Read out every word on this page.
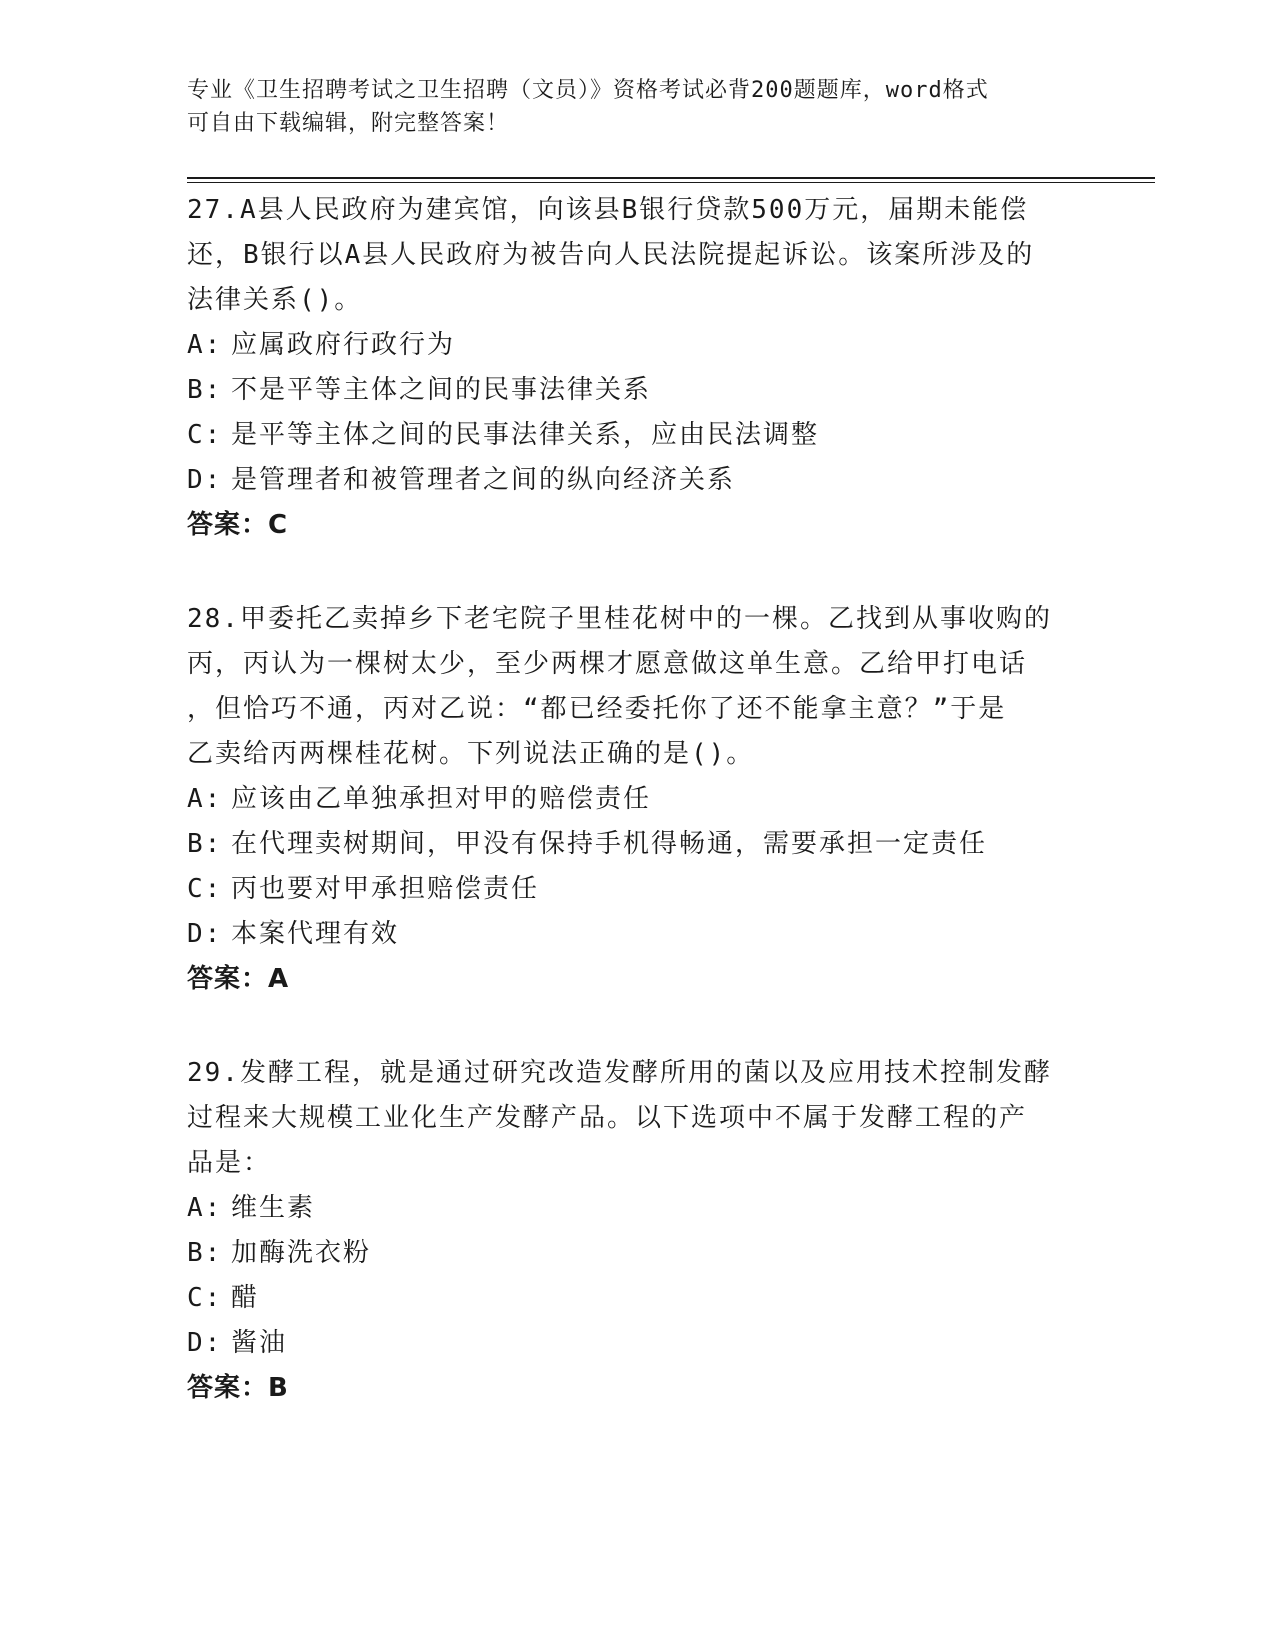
专业《卫生招聘考试之卫生招聘（文员）》资格考试必背200题题库，word格式
可自由下载编辑，附完整答案！

27.A县人民政府为建宾馆，向该县B银行贷款500万元，届期未能偿

还，B银行以A县人民政府为被告向人民法院提起诉讼。该案所涉及的

法律关系()。

A: 应属政府行政行为

B: 不是平等主体之间的民事法律关系

C: 是平等主体之间的民事法律关系，应由民法调整

D: 是管理者和被管理者之间的纵向经济关系

答案：C

28.甲委托乙卖掉乡下老宅院子里桂花树中的一棵。乙找到从事收购的

丙，丙认为一棵树太少，至少两棵才愿意做这单生意。乙给甲打电话

，但恰巧不通，丙对乙说：“都已经委托你了还不能拿主意？”于是

乙卖给丙两棵桂花树。下列说法正确的是()。

A: 应该由乙单独承担对甲的赔偿责任

B: 在代理卖树期间，甲没有保持手机得畅通，需要承担一定责任

C: 丙也要对甲承担赔偿责任

D: 本案代理有效

答案：A

29.发酵工程，就是通过研究改造发酵所用的菌以及应用技术控制发酵

过程来大规模工业化生产发酵产品。以下选项中不属于发酵工程的产

品是：

A: 维生素

B: 加酶洗衣粉

C: 醋

D: 酱油

答案：B
